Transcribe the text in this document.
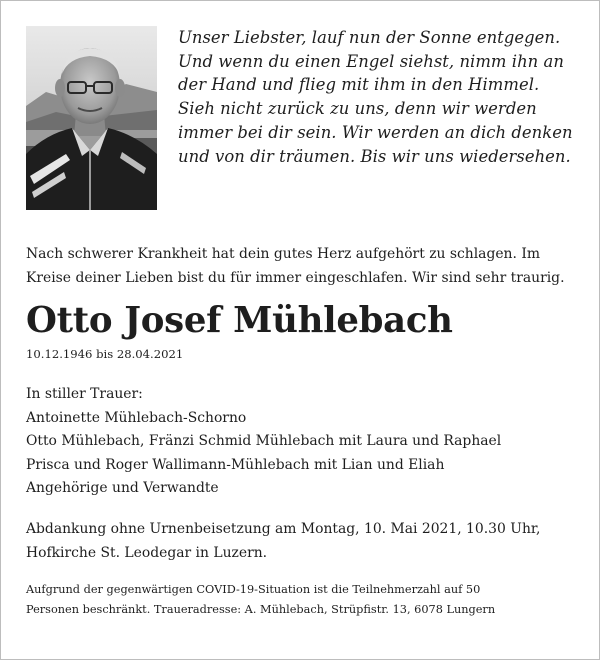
Unser Liebster, lauf nun der Sonne entgegen.
Und wenn du einen Engel siehst, nimm ihn an
der Hand und flieg mit ihm in den Himmel.
Sieh nicht zurück zu uns, denn wir werden
immer bei dir sein. Wir werden an dich denken
und von dir träumen. Bis wir uns wiedersehen.
Nach schwerer Krankheit hat dein gutes Herz aufgehört zu schlagen. Im
Kreise deiner Lieben bist du für immer eingeschlafen. Wir sind sehr traurig.
Otto Josef Mühlebach
10.12.1946 bis 28.04.2021
In stiller Trauer:
Antoinette Mühlebach-Schorno
Otto Mühlebach, Fränzi Schmid Mühlebach mit Laura und Raphael
Prisca und Roger Wallimann-Mühlebach mit Lian und Eliah
Angehörige und Verwandte
Abdankung ohne Urnenbeisetzung am Montag, 10. Mai 2021, 10.30 Uhr,
Hofkirche St. Leodegar in Luzern.
Aufgrund der gegenwärtigen COVID-19-Situation ist die Teilnehmerzahl auf 50
Personen beschränkt. Traueradresse: A. Mühlebach, Strüpfistr. 13, 6078 Lungern
